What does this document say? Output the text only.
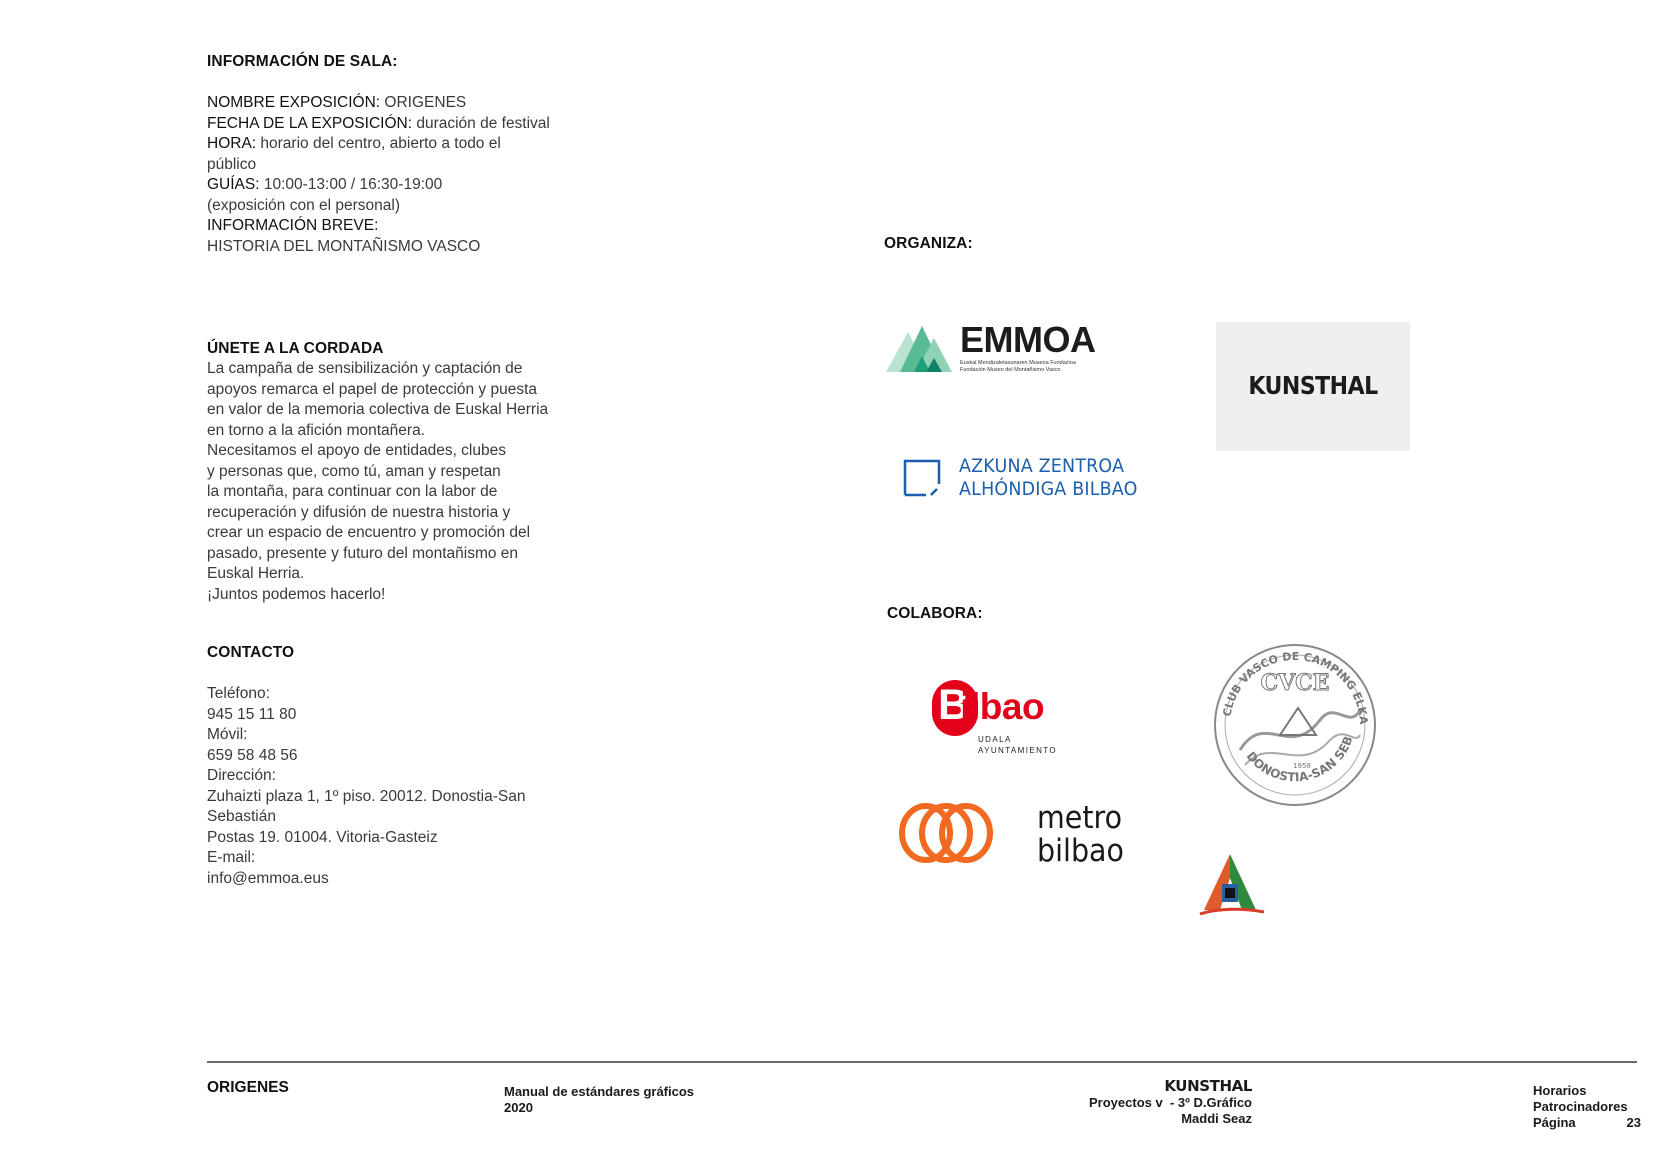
INFORMACIÓN DE SALA:
NOMBRE EXPOSICIÓN: ORIGENES
FECHA DE LA EXPOSICIÓN: duración de festival
HORA: horario del centro, abierto a todo el
público
GUÍAS: 10:00-13:00 / 16:30-19:00
(exposición con el personal)
INFORMACIÓN BREVE:
HISTORIA DEL MONTAÑISMO VASCO
ÚNETE A LA CORDADA
La campaña de sensibilización y captación de
apoyos remarca el papel de protección y puesta
en valor de la memoria colectiva de Euskal Herria
en torno a la afición montañera.
Necesitamos el apoyo de entidades, clubes
y personas que, como tú, aman y respetan
la montaña, para continuar con la labor de
recuperación y difusión de nuestra historia y
crear un espacio de encuentro y promoción del
pasado, presente y futuro del montañismo en
Euskal Herria.
¡Juntos podemos hacerlo!
CONTACTO
Teléfono:
945 15 11 80
Móvil:
659 58 48 56
Dirección:
Zuhaizti plaza 1, 1º piso. 20012. Donostia-San
Sebastián
Postas 19. 01004. Vitoria-Gasteiz
E-mail:
info@emmoa.eus
ORGANIZA:
EMMOA
Euskal Mendizaletasunaren Museoa Fundazioa
Fundación Museo del Montañismo Vasco
KUNSTHAL
AZKUNA ZENTROA
ALHÓNDIGA BILBAO
COLABORA:
B
ilbao
UDALA
AYUNTAMIENTO
CLUB VASCO DE CAMPING ELKA
CVCE
1958
DONOSTIA-SAN SEB
metro
bilbao
ORIGENES	Manual de estándares gráficos
2020
KUNSTHAL
Proyectos v  - 3º D.Gráfico
Maddi Seaz
Horarios
Patrocinadores
Página	23
